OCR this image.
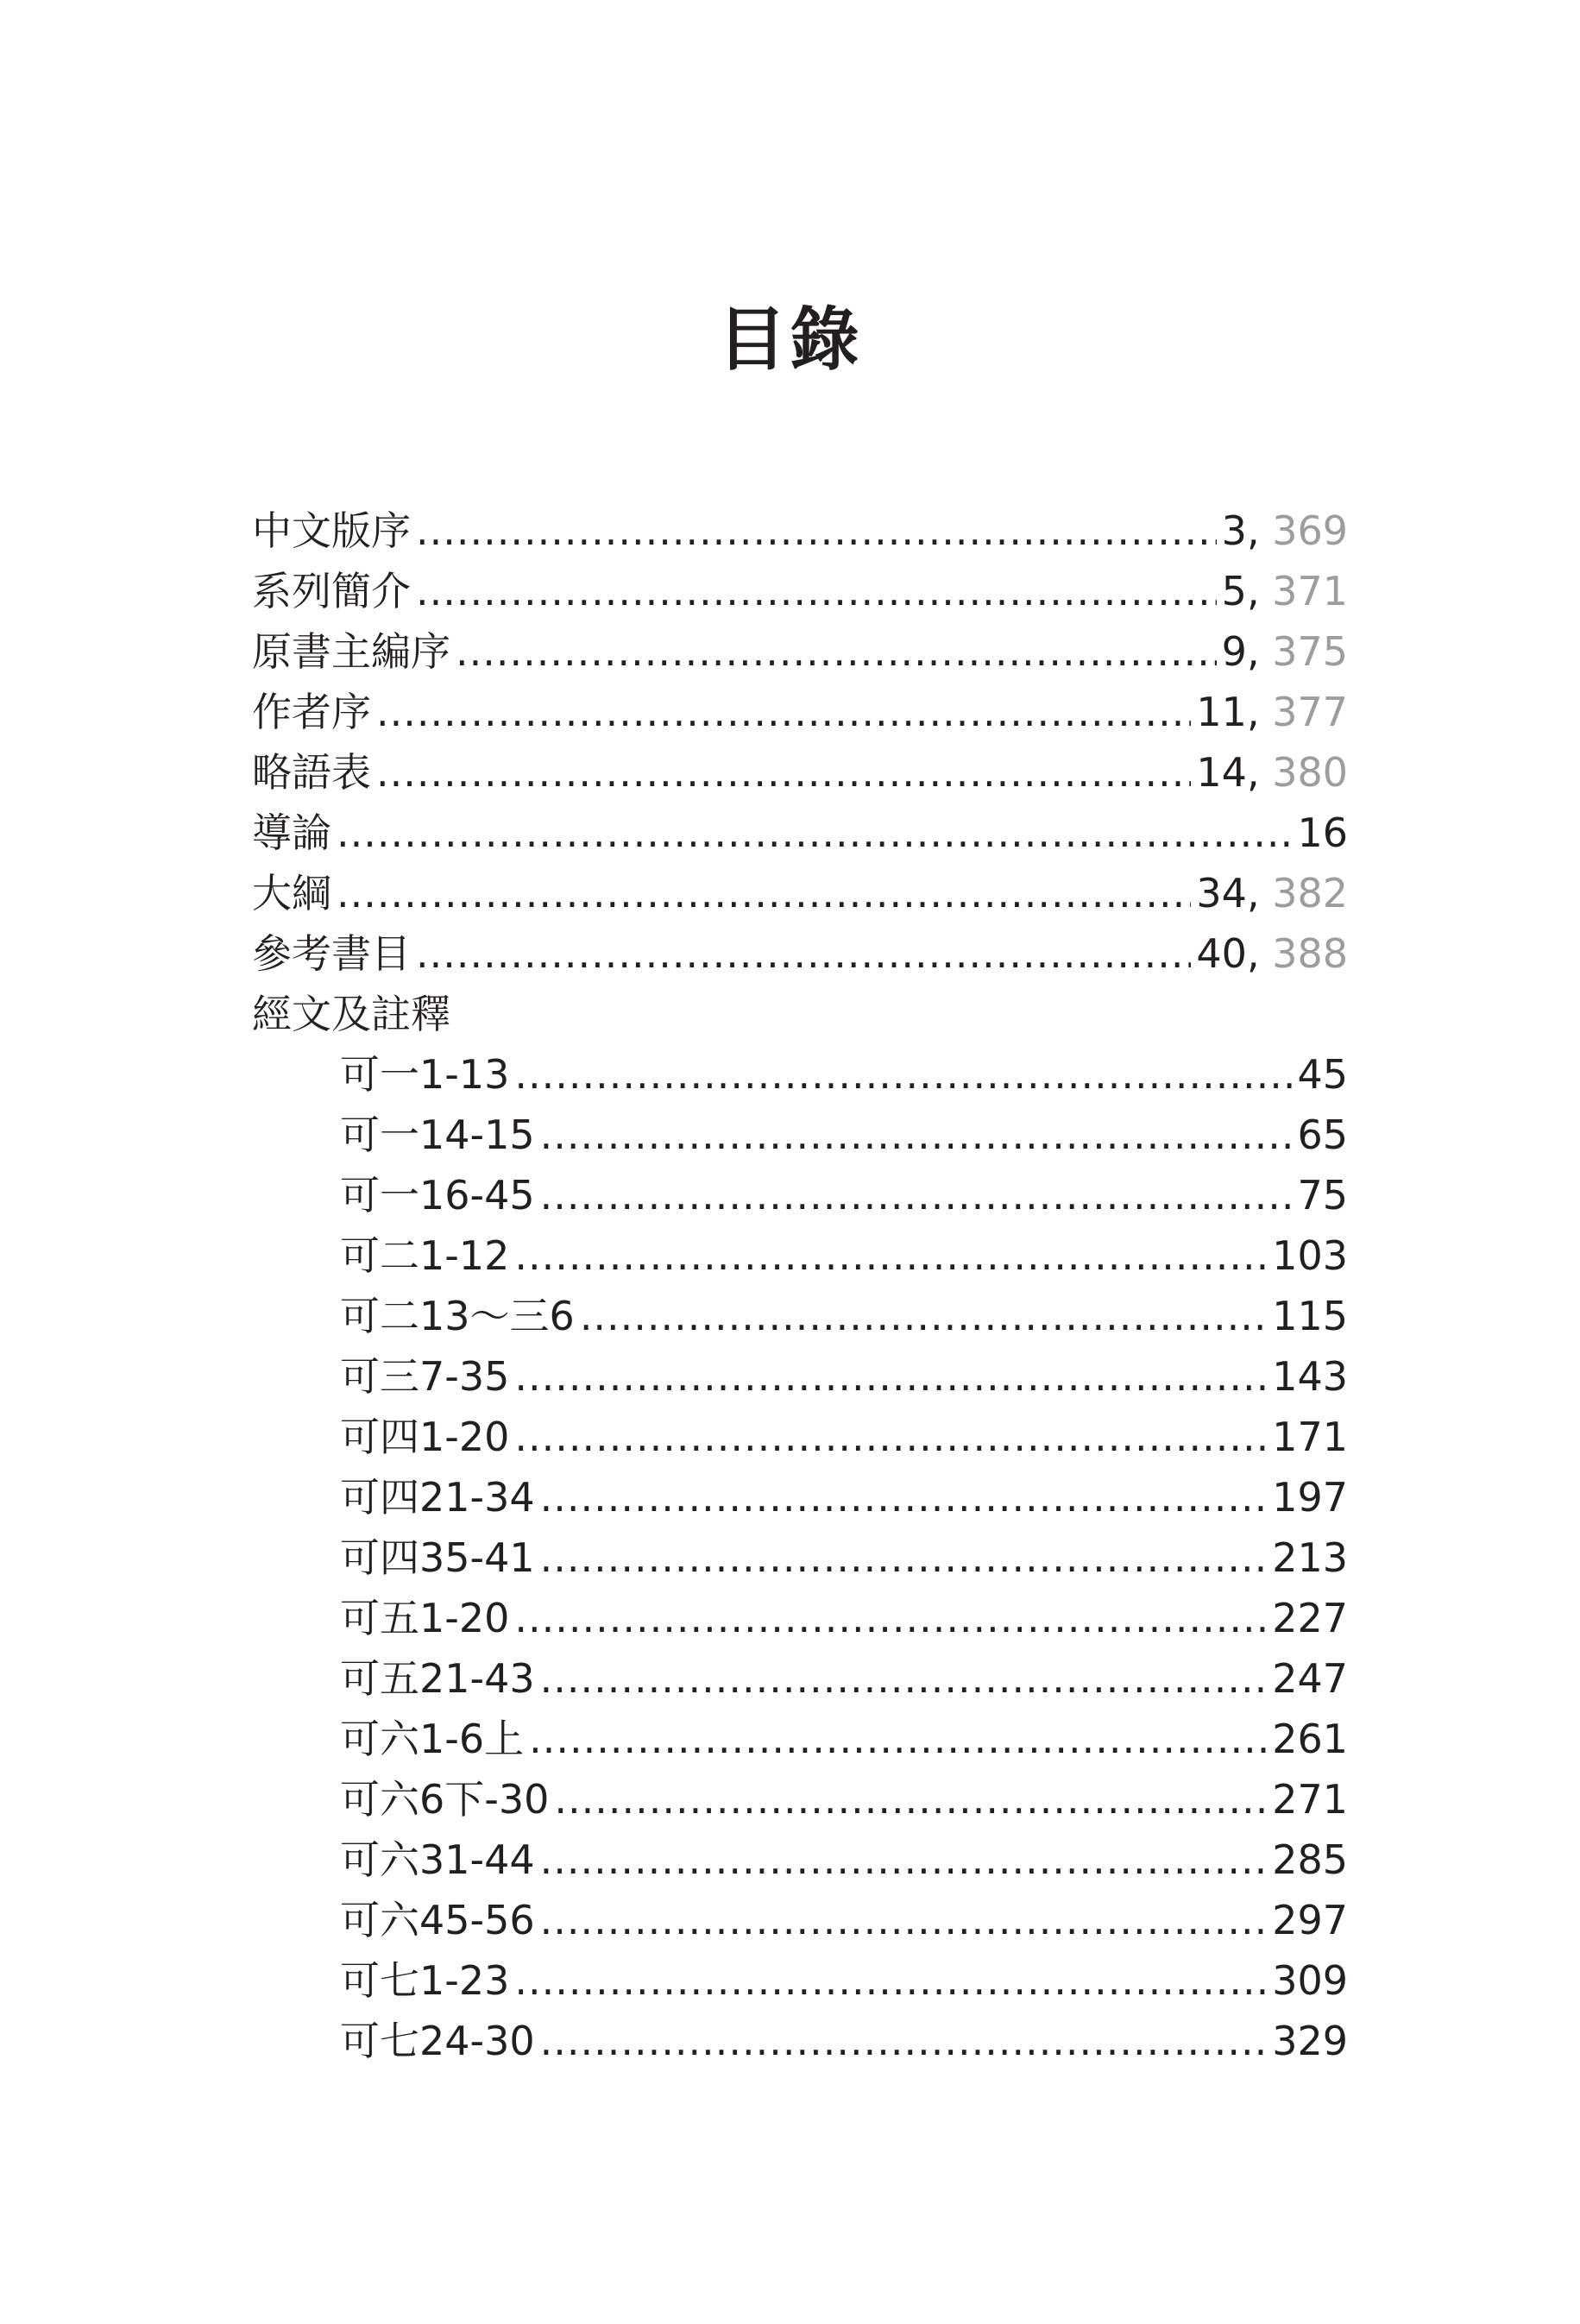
目錄
中文版序 .....	3, 369
系列簡介 .....	5, 371
原書主編序 .....	9, 375
作者序 .....	11, 377
略語表 .....	14, 380
導論 .....	16
大綱 .....	34, 382
參考書目 .....	40, 388
經文及註釋
可一1-13 .....	45
可一14-15 .....	65
可一16-45 .....	75
可二1-12 .....	103
可二13～三6 .....	115
可三7-35 .....	143
可四1-20 .....	171
可四21-34 .....	197
可四35-41 .....	213
可五1-20 .....	227
可五21-43 .....	247
可六1-6上 .....	261
可六6下-30 .....	271
可六31-44 .....	285
可六45-56 .....	297
可七1-23 .....	309
可七24-30 .....	329
